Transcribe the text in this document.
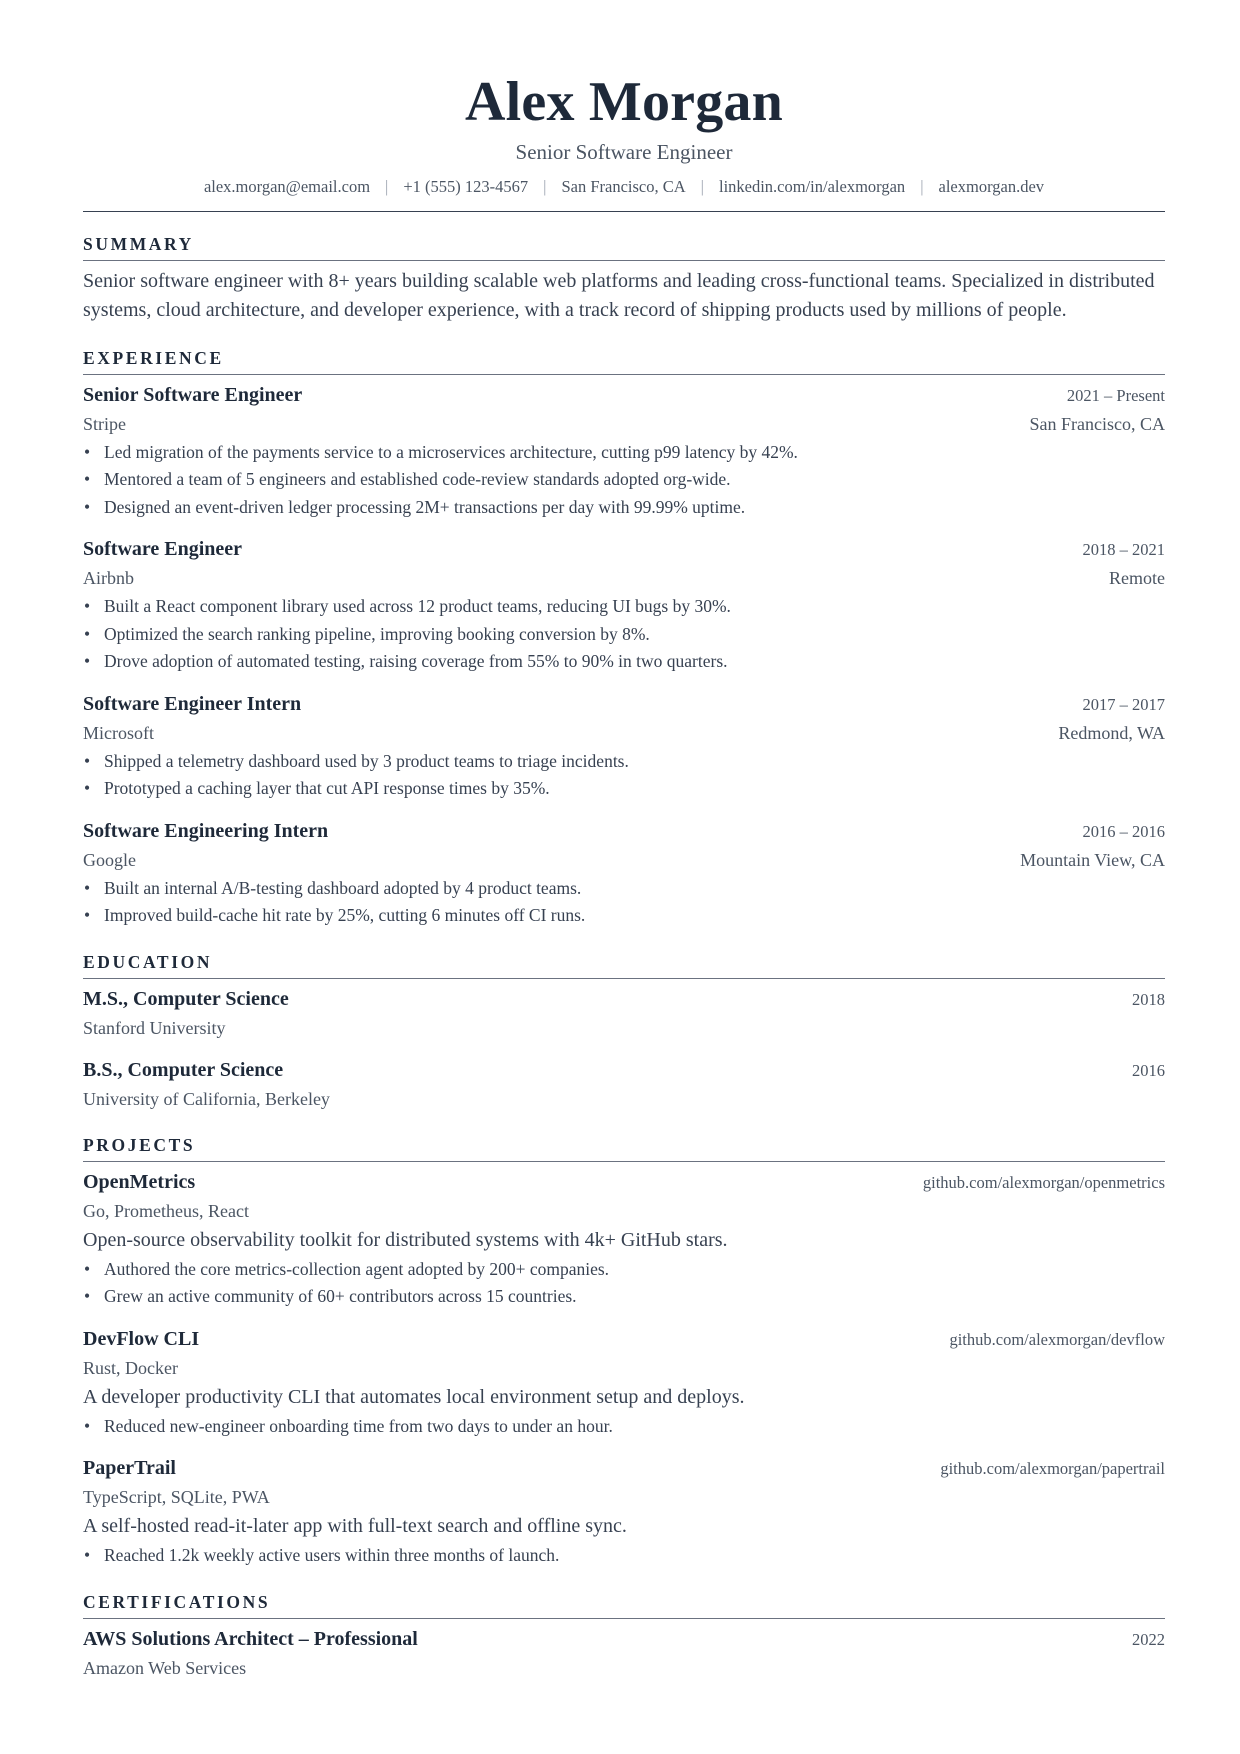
Alex Morgan
Senior Software Engineer
alex.morgan@email.com | +1 (555) 123-4567 | San Francisco, CA | linkedin.com/in/alexmorgan | alexmorgan.dev
SUMMARY
Senior software engineer with 8+ years building scalable web platforms and leading cross-functional teams. Specialized in distributed systems, cloud architecture, and developer experience, with a track record of shipping products used by millions of people.
EXPERIENCE
Senior Software Engineer	2021 – Present
Stripe	San Francisco, CA
• Led migration of the payments service to a microservices architecture, cutting p99 latency by 42%.
• Mentored a team of 5 engineers and established code-review standards adopted org-wide.
• Designed an event-driven ledger processing 2M+ transactions per day with 99.99% uptime.
Software Engineer	2018 – 2021
Airbnb	Remote
• Built a React component library used across 12 product teams, reducing UI bugs by 30%.
• Optimized the search ranking pipeline, improving booking conversion by 8%.
• Drove adoption of automated testing, raising coverage from 55% to 90% in two quarters.
Software Engineer Intern	2017 – 2017
Microsoft	Redmond, WA
• Shipped a telemetry dashboard used by 3 product teams to triage incidents.
• Prototyped a caching layer that cut API response times by 35%.
Software Engineering Intern	2016 – 2016
Google	Mountain View, CA
• Built an internal A/B-testing dashboard adopted by 4 product teams.
• Improved build-cache hit rate by 25%, cutting 6 minutes off CI runs.
EDUCATION
M.S., Computer Science	2018
Stanford University
B.S., Computer Science	2016
University of California, Berkeley
PROJECTS
OpenMetrics	github.com/alexmorgan/openmetrics
Go, Prometheus, React
Open-source observability toolkit for distributed systems with 4k+ GitHub stars.
• Authored the core metrics-collection agent adopted by 200+ companies.
• Grew an active community of 60+ contributors across 15 countries.
DevFlow CLI	github.com/alexmorgan/devflow
Rust, Docker
A developer productivity CLI that automates local environment setup and deploys.
• Reduced new-engineer onboarding time from two days to under an hour.
PaperTrail	github.com/alexmorgan/papertrail
TypeScript, SQLite, PWA
A self-hosted read-it-later app with full-text search and offline sync.
• Reached 1.2k weekly active users within three months of launch.
CERTIFICATIONS
AWS Solutions Architect – Professional	2022
Amazon Web Services
